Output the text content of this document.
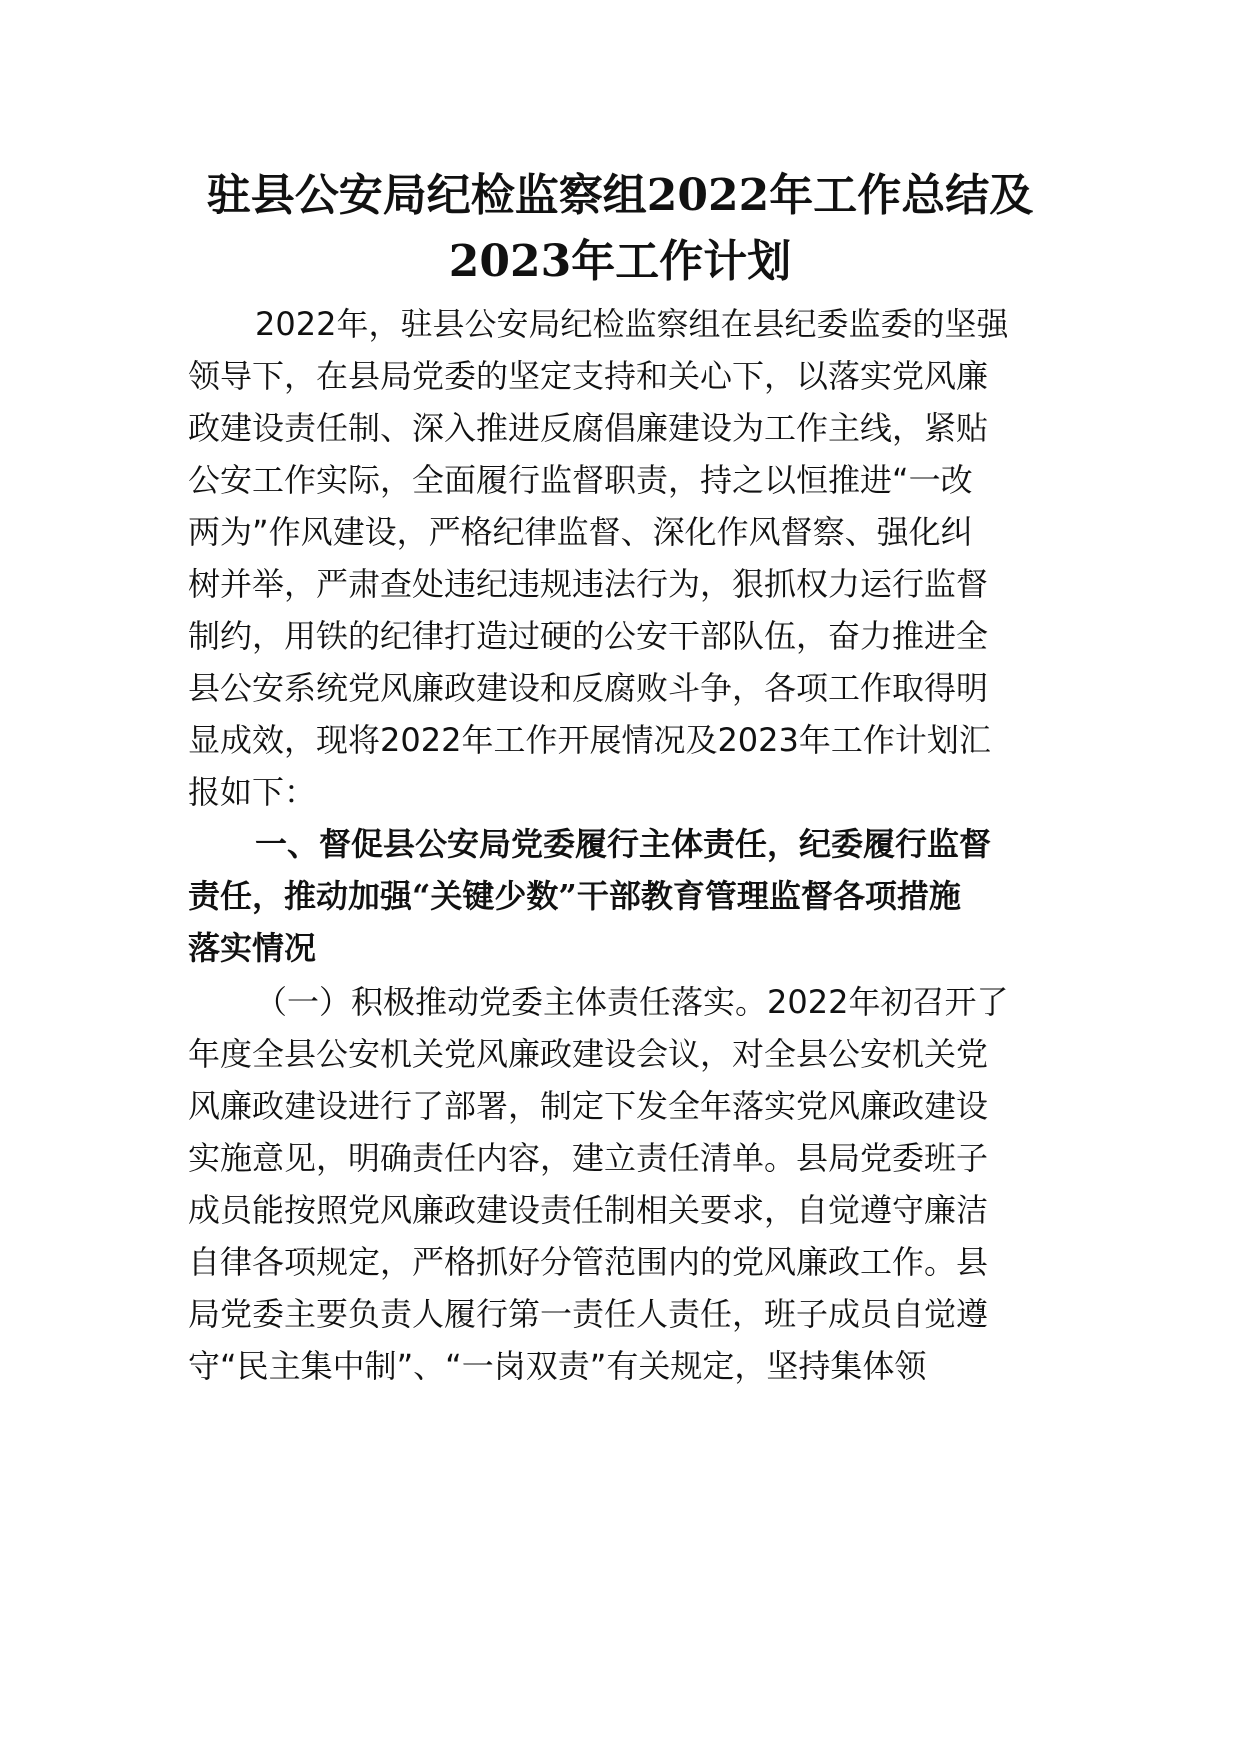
驻县公安局纪检监察组2022年工作总结及
2023年工作计划
2022年，驻县公安局纪检监察组在县纪委监委的坚强
领导下，在县局党委的坚定支持和关心下，以落实党风廉
政建设责任制、深入推进反腐倡廉建设为工作主线，紧贴
公安工作实际，全面履行监督职责，持之以恒推进“一改
两为”作风建设，严格纪律监督、深化作风督察、强化纠
树并举，严肃查处违纪违规违法行为，狠抓权力运行监督
制约，用铁的纪律打造过硬的公安干部队伍，奋力推进全
县公安系统党风廉政建设和反腐败斗争，各项工作取得明
显成效，现将2022年工作开展情况及2023年工作计划汇
报如下：
一、督促县公安局党委履行主体责任，纪委履行监督
责任，推动加强“关键少数”干部教育管理监督各项措施
落实情况
（一）积极推动党委主体责任落实。2022年初召开了
年度全县公安机关党风廉政建设会议，对全县公安机关党
风廉政建设进行了部署，制定下发全年落实党风廉政建设
实施意见，明确责任内容，建立责任清单。县局党委班子
成员能按照党风廉政建设责任制相关要求，自觉遵守廉洁
自律各项规定，严格抓好分管范围内的党风廉政工作。县
局党委主要负责人履行第一责任人责任，班子成员自觉遵
守“民主集中制”、“一岗双责”有关规定，坚持集体领
